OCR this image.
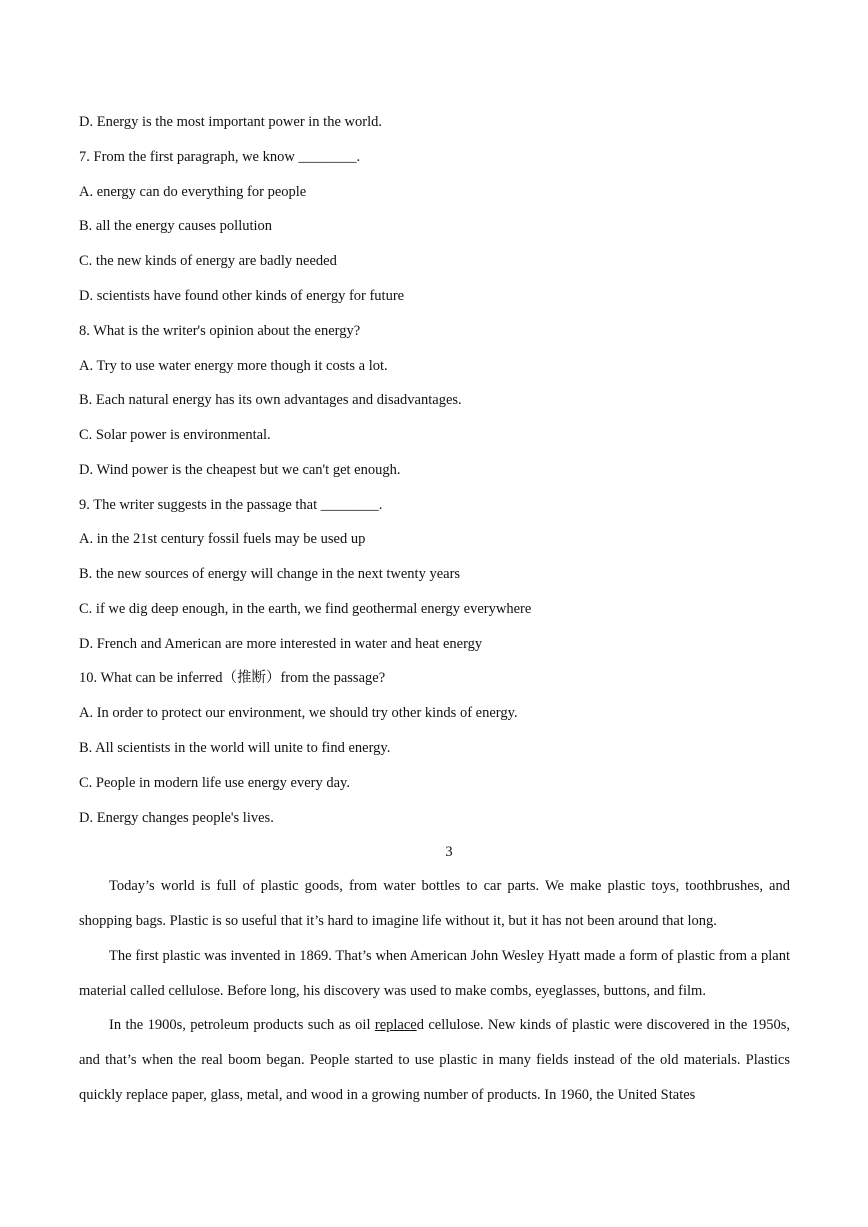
D. Energy is the most important power in the world.
7. From the first paragraph, we know ________.
A. energy can do everything for people
B. all the energy causes pollution
C. the new kinds of energy are badly needed
D. scientists have found other kinds of energy for future
8. What is the writer's opinion about the energy?
A. Try to use water energy more though it costs a lot.
B. Each natural energy has its own advantages and disadvantages.
C. Solar power is environmental.
D. Wind power is the cheapest but we can't get enough.
9. The writer suggests in the passage that ________.
A. in the 21st century fossil fuels may be used up
B. the new sources of energy will change in the next twenty years
C. if we dig deep enough, in the earth, we find geothermal energy everywhere
D. French and American are more interested in water and heat energy
10. What can be inferred（推断）from the passage?
A. In order to protect our environment, we should try other kinds of energy.
B. All scientists in the world will unite to find energy.
C. People in modern life use energy every day.
D. Energy changes people's lives.
3
Today’s world is full of plastic goods, from water bottles to car parts. We make plastic toys, toothbrushes, and shopping bags. Plastic is so useful that it’s hard to imagine life without it, but it has not been around that long.
The first plastic was invented in 1869. That’s when American John Wesley Hyatt made a form of plastic from a plant material called cellulose. Before long, his discovery was used to make combs, eyeglasses, buttons, and film.
In the 1900s, petroleum products such as oil replaced cellulose. New kinds of plastic were discovered in the 1950s, and that’s when the real boom began. People started to use plastic in many fields instead of the old materials. Plastics quickly replace paper, glass, metal, and wood in a growing number of products. In 1960, the United States
